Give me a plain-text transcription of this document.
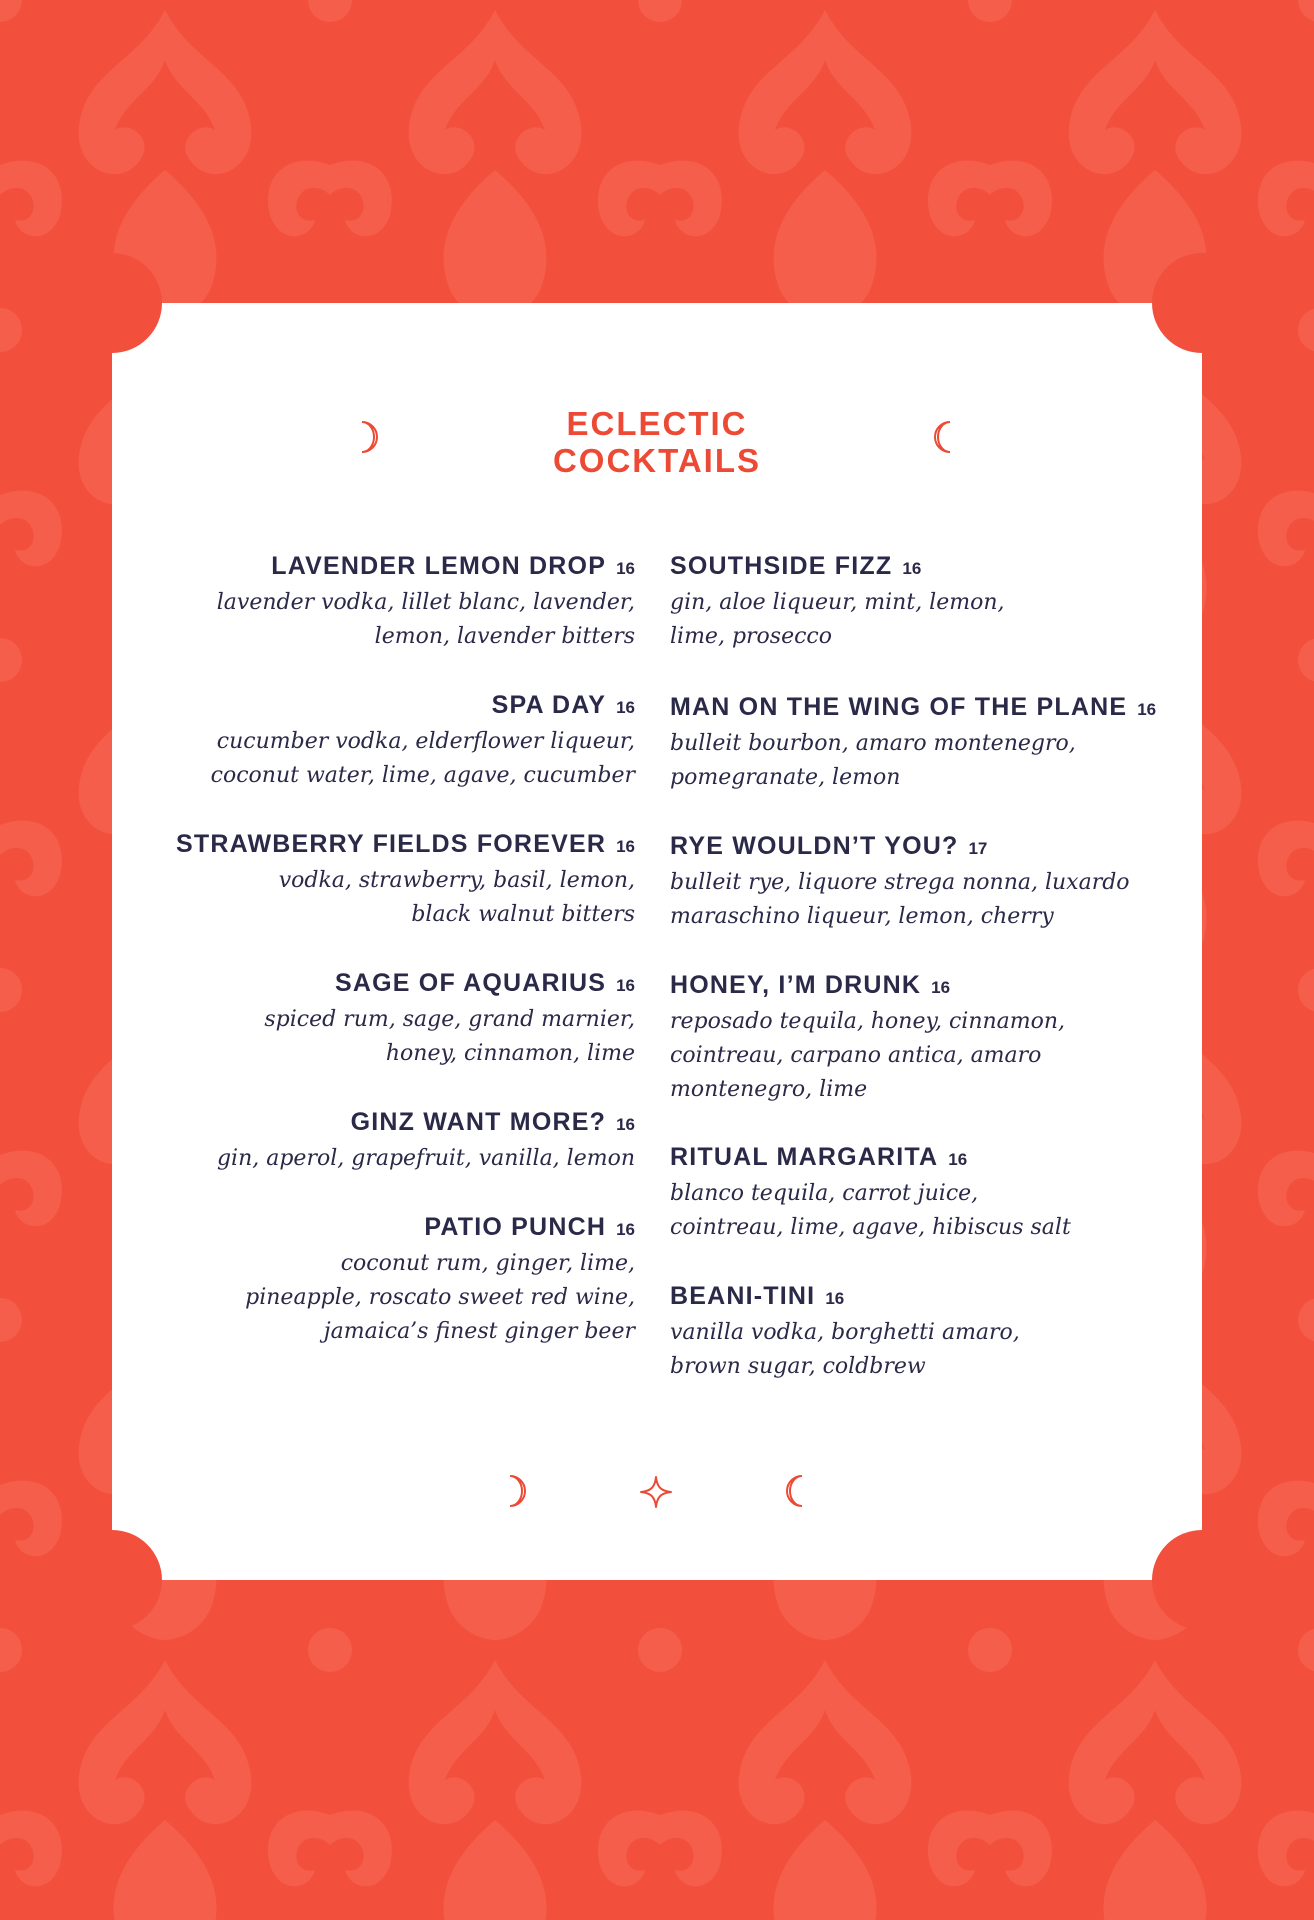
ECLECTIC
COCKTAILS
LAVENDER LEMON DROP 16
lavender vodka, lillet blanc, lavender,
lemon, lavender bitters
SPA DAY 16
cucumber vodka, elderflower liqueur,
coconut water, lime, agave, cucumber
STRAWBERRY FIELDS FOREVER 16
vodka, strawberry, basil, lemon,
black walnut bitters
SAGE OF AQUARIUS 16
spiced rum, sage, grand marnier,
honey, cinnamon, lime
GINZ WANT MORE? 16
gin, aperol, grapefruit, vanilla, lemon
PATIO PUNCH 16
coconut rum, ginger, lime,
pineapple, roscato sweet red wine,
jamaica’s finest ginger beer
SOUTHSIDE FIZZ 16
gin, aloe liqueur, mint, lemon,
lime, prosecco
MAN ON THE WING OF THE PLANE 16
bulleit bourbon, amaro montenegro,
pomegranate, lemon
RYE WOULDN’T YOU? 17
bulleit rye, liquore strega nonna, luxardo
maraschino liqueur, lemon, cherry
HONEY, I’M DRUNK 16
reposado tequila, honey, cinnamon,
cointreau, carpano antica, amaro
montenegro, lime
RITUAL MARGARITA 16
blanco tequila, carrot juice,
cointreau, lime, agave, hibiscus salt
BEANI-TINI 16
vanilla vodka, borghetti amaro,
brown sugar, coldbrew
